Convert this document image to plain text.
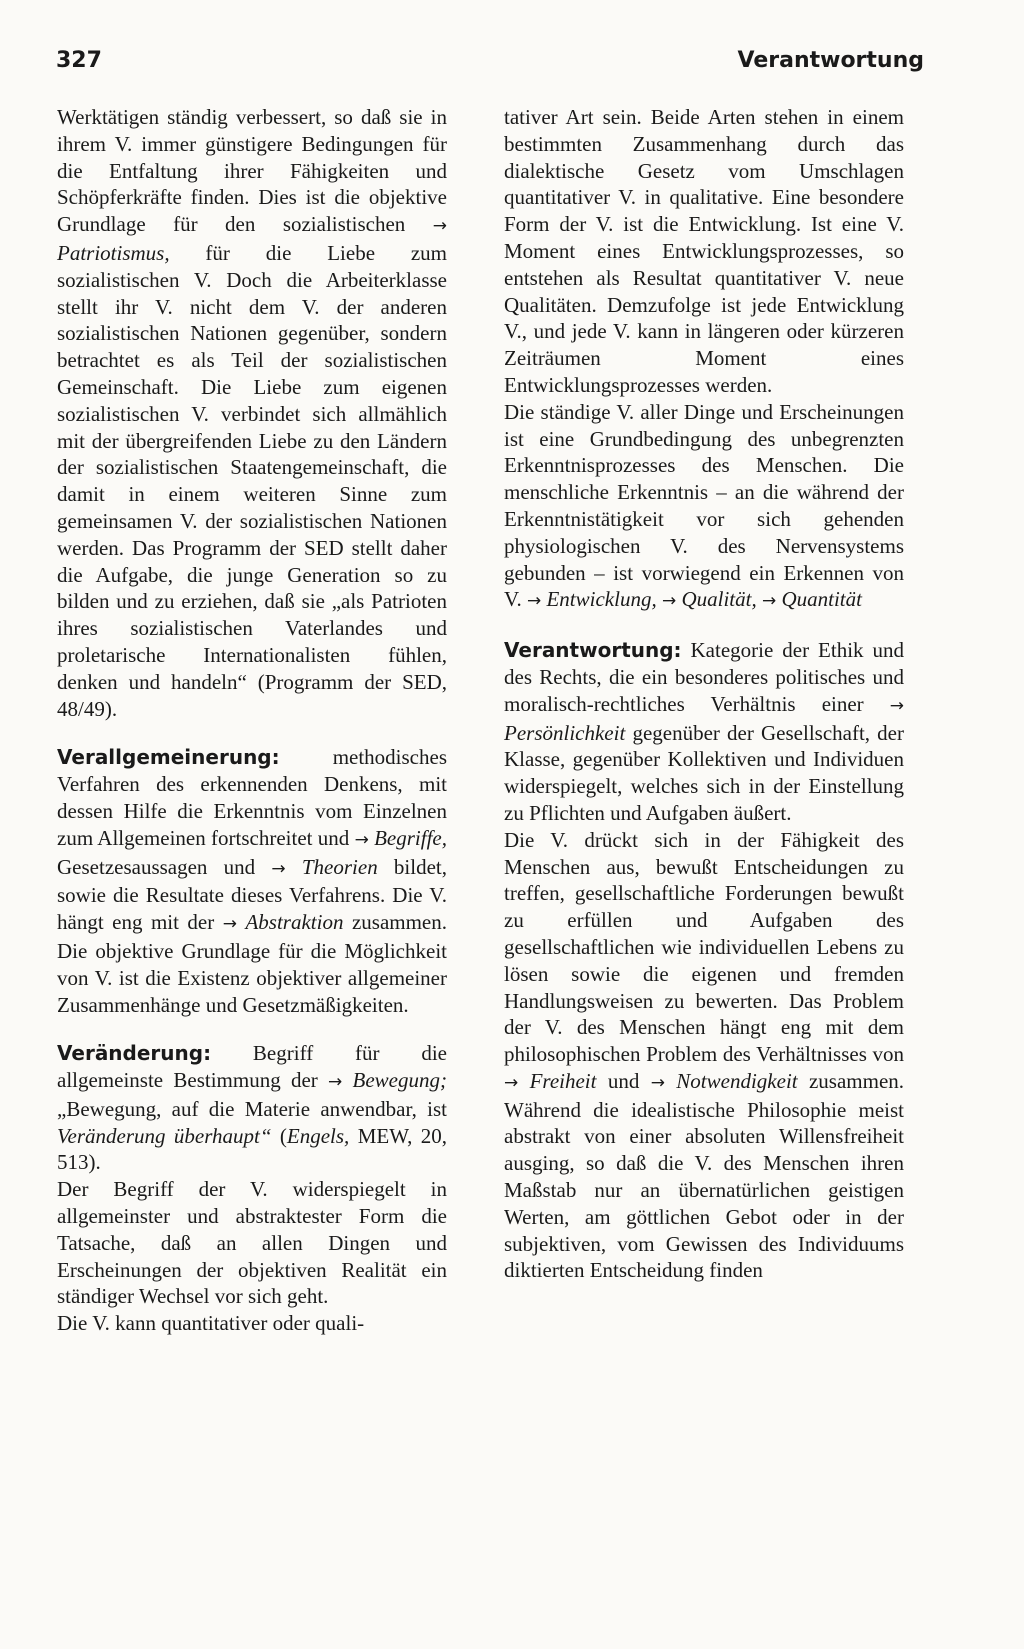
327	Verantwortung

Werktätigen ständig verbessert, so daß sie in ihrem V. immer günstigere Bedingungen für die Entfaltung ihrer Fähigkeiten und Schöpferkräfte finden. Dies ist die objektive Grundlage für den sozialistischen → Patriotismus, für die Liebe zum sozialistischen V. Doch die Arbeiterklasse stellt ihr V. nicht dem V. der anderen sozialistischen Nationen gegenüber, sondern betrachtet es als Teil der sozialistischen Gemeinschaft. Die Liebe zum eigenen sozialistischen V. verbindet sich allmählich mit der übergreifenden Liebe zu den Ländern der sozialistischen Staatengemeinschaft, die damit in einem weiteren Sinne zum gemeinsamen V. der sozialistischen Nationen werden. Das Programm der SED stellt daher die Aufgabe, die junge Generation so zu bilden und zu erziehen, daß sie „als Patrioten ihres sozialistischen Vaterlandes und proletarische Internationalisten fühlen, denken und handeln“ (Programm der SED, 48/49).

Verallgemeinerung: methodisches Verfahren des erkennenden Denkens, mit dessen Hilfe die Erkenntnis vom Einzelnen zum Allgemeinen fortschreitet und → Begriffe, Gesetzesaussagen und → Theorien bildet, sowie die Resultate dieses Verfahrens. Die V. hängt eng mit der → Abstraktion zusammen. Die objektive Grundlage für die Möglichkeit von V. ist die Existenz objektiver allgemeiner Zusammenhänge und Gesetzmäßigkeiten.

Veränderung: Begriff für die allgemeinste Bestimmung der → Bewegung; „Bewegung, auf die Materie anwendbar, ist Veränderung überhaupt“ (Engels, MEW, 20, 513).

Der Begriff der V. widerspiegelt in allgemeinster und abstraktester Form die Tatsache, daß an allen Dingen und Erscheinungen der objektiven Realität ein ständiger Wechsel vor sich geht.

Die V. kann quantitativer oder quali-

tativer Art sein. Beide Arten stehen in einem bestimmten Zusammenhang durch das dialektische Gesetz vom Umschlagen quantitativer V. in qualitative. Eine besondere Form der V. ist die Entwicklung. Ist eine V. Moment eines Entwicklungsprozesses, so entstehen als Resultat quantitativer V. neue Qualitäten. Demzufolge ist jede Entwicklung V., und jede V. kann in längeren oder kürzeren Zeiträumen Moment eines Entwicklungsprozesses werden.

Die ständige V. aller Dinge und Erscheinungen ist eine Grundbedingung des unbegrenzten Erkenntnisprozesses des Menschen. Die menschliche Erkenntnis – an die während der Erkenntnistätigkeit vor sich gehenden physiologischen V. des Nervensystems gebunden – ist vorwiegend ein Erkennen von V. → Entwicklung, → Qualität, → Quantität

Verantwortung: Kategorie der Ethik und des Rechts, die ein besonderes politisches und moralisch-rechtliches Verhältnis einer → Persönlichkeit gegenüber der Gesellschaft, der Klasse, gegenüber Kollektiven und Individuen widerspiegelt, welches sich in der Einstellung zu Pflichten und Aufgaben äußert.

Die V. drückt sich in der Fähigkeit des Menschen aus, bewußt Entscheidungen zu treffen, gesellschaftliche Forderungen bewußt zu erfüllen und Aufgaben des gesellschaftlichen wie individuellen Lebens zu lösen sowie die eigenen und fremden Handlungsweisen zu bewerten. Das Problem der V. des Menschen hängt eng mit dem philosophischen Problem des Verhältnisses von → Freiheit und → Notwendigkeit zusammen. Während die idealistische Philosophie meist abstrakt von einer absoluten Willensfreiheit ausging, so daß die V. des Menschen ihren Maßstab nur an übernatürlichen geistigen Werten, am göttlichen Gebot oder in der subjektiven, vom Gewissen des Individuums diktierten Entscheidung finden
